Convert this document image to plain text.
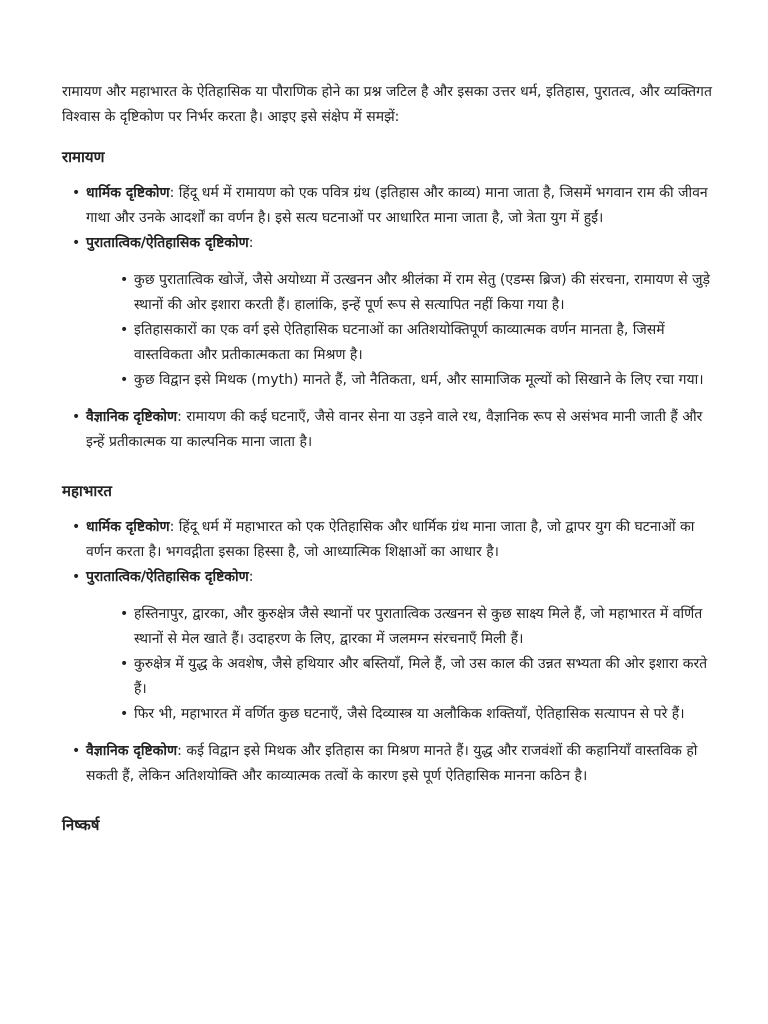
रामायण और महाभारत के ऐतिहासिक या पौराणिक होने का प्रश्न जटिल है और इसका उत्तर धर्म, इतिहास, पुरातत्व, और व्यक्तिगत विश्वास के दृष्टिकोण पर निर्भर करता है। आइए इसे संक्षेप में समझें:

रामायण
• धार्मिक दृष्टिकोण: हिंदू धर्म में रामायण को एक पवित्र ग्रंथ (इतिहास और काव्य) माना जाता है, जिसमें भगवान राम की जीवन गाथा और उनके आदर्शों का वर्णन है। इसे सत्य घटनाओं पर आधारित माना जाता है, जो त्रेता युग में हुईं।
• पुरातात्विक/ऐतिहासिक दृष्टिकोण:
• कुछ पुरातात्विक खोजें, जैसे अयोध्या में उत्खनन और श्रीलंका में राम सेतु (एडम्स ब्रिज) की संरचना, रामायण से जुड़े स्थानों की ओर इशारा करती हैं। हालांकि, इन्हें पूर्ण रूप से सत्यापित नहीं किया गया है।
• इतिहासकारों का एक वर्ग इसे ऐतिहासिक घटनाओं का अतिशयोक्तिपूर्ण काव्यात्मक वर्णन मानता है, जिसमें वास्तविकता और प्रतीकात्मकता का मिश्रण है।
• कुछ विद्वान इसे मिथक (myth) मानते हैं, जो नैतिकता, धर्म, और सामाजिक मूल्यों को सिखाने के लिए रचा गया।
• वैज्ञानिक दृष्टिकोण: रामायण की कई घटनाएँ, जैसे वानर सेना या उड़ने वाले रथ, वैज्ञानिक रूप से असंभव मानी जाती हैं और इन्हें प्रतीकात्मक या काल्पनिक माना जाता है।
महाभारत
• धार्मिक दृष्टिकोण: हिंदू धर्म में महाभारत को एक ऐतिहासिक और धार्मिक ग्रंथ माना जाता है, जो द्वापर युग की घटनाओं का वर्णन करता है। भगवद्गीता इसका हिस्सा है, जो आध्यात्मिक शिक्षाओं का आधार है।
• पुरातात्विक/ऐतिहासिक दृष्टिकोण:
• हस्तिनापुर, द्वारका, और कुरुक्षेत्र जैसे स्थानों पर पुरातात्विक उत्खनन से कुछ साक्ष्य मिले हैं, जो महाभारत में वर्णित स्थानों से मेल खाते हैं। उदाहरण के लिए, द्वारका में जलमग्न संरचनाएँ मिली हैं।
• कुरुक्षेत्र में युद्ध के अवशेष, जैसे हथियार और बस्तियाँ, मिले हैं, जो उस काल की उन्नत सभ्यता की ओर इशारा करते हैं।
• फिर भी, महाभारत में वर्णित कुछ घटनाएँ, जैसे दिव्यास्त्र या अलौकिक शक्तियाँ, ऐतिहासिक सत्यापन से परे हैं।
• वैज्ञानिक दृष्टिकोण: कई विद्वान इसे मिथक और इतिहास का मिश्रण मानते हैं। युद्ध और राजवंशों की कहानियाँ वास्तविक हो सकती हैं, लेकिन अतिशयोक्ति और काव्यात्मक तत्वों के कारण इसे पूर्ण ऐतिहासिक मानना कठिन है।
निष्कर्ष
